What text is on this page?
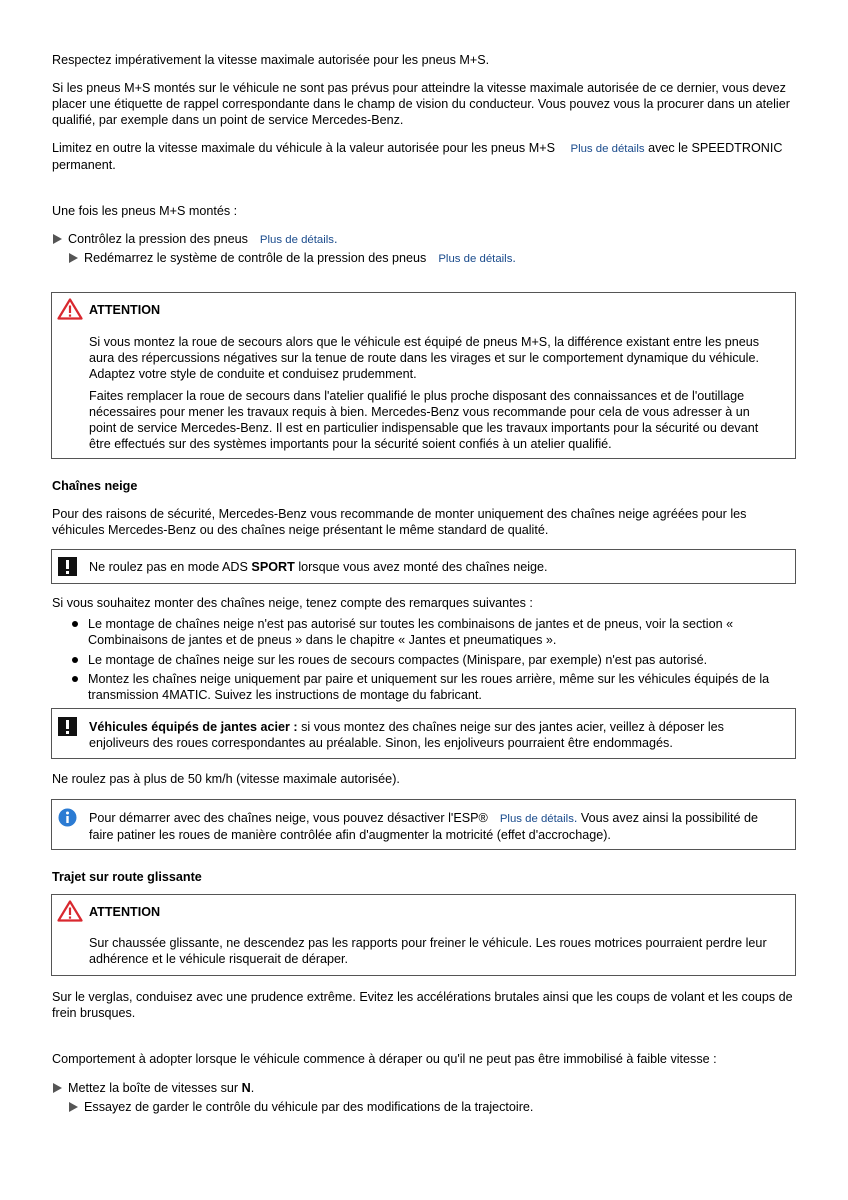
Respectez impérativement la vitesse maximale autorisée pour les pneus M+S.

Si les pneus M+S montés sur le véhicule ne sont pas prévus pour atteindre la vitesse maximale autorisée de ce dernier, vous devez placer une étiquette de rappel correspondante dans le champ de vision du conducteur. Vous pouvez vous la procurer dans un atelier qualifié, par exemple dans un point de service Mercedes-Benz.

Limitez en outre la vitesse maximale du véhicule à la valeur autorisée pour les pneus M+S Plus de détails avec le SPEEDTRONIC permanent.

Une fois les pneus M+S montés :

Contrôlez la pression des pneus Plus de détails.
Redémarrez le système de contrôle de la pression des pneus Plus de détails.
ATTENTION

Si vous montez la roue de secours alors que le véhicule est équipé de pneus M+S, la différence existant entre les pneus aura des répercussions négatives sur la tenue de route dans les virages et sur le comportement dynamique du véhicule. Adaptez votre style de conduite et conduisez prudemment.

Faites remplacer la roue de secours dans l'atelier qualifié le plus proche disposant des connaissances et de l'outillage nécessaires pour mener les travaux requis à bien. Mercedes-Benz vous recommande pour cela de vous adresser à un point de service Mercedes-Benz. Il est en particulier indispensable que les travaux importants pour la sécurité ou devant être effectués sur des systèmes importants pour la sécurité soient confiés à un atelier qualifié.

Chaînes neige

Pour des raisons de sécurité, Mercedes-Benz vous recommande de monter uniquement des chaînes neige agréées pour les véhicules Mercedes-Benz ou des chaînes neige présentant le même standard de qualité.

Ne roulez pas en mode ADS SPORT lorsque vous avez monté des chaînes neige.

Si vous souhaitez monter des chaînes neige, tenez compte des remarques suivantes :

Le montage de chaînes neige n'est pas autorisé sur toutes les combinaisons de jantes et de pneus, voir la section « Combinaisons de jantes et de pneus » dans le chapitre « Jantes et pneumatiques ».

Le montage de chaînes neige sur les roues de secours compactes (Minispare, par exemple) n'est pas autorisé.

Montez les chaînes neige uniquement par paire et uniquement sur les roues arrière, même sur les véhicules équipés de la transmission 4MATIC. Suivez les instructions de montage du fabricant.

Véhicules équipés de jantes acier : si vous montez des chaînes neige sur des jantes acier, veillez à déposer les enjoliveurs des roues correspondantes au préalable. Sinon, les enjoliveurs pourraient être endommagés.

Ne roulez pas à plus de 50 km/h (vitesse maximale autorisée).

Pour démarrer avec des chaînes neige, vous pouvez désactiver l'ESP® Plus de détails. Vous avez ainsi la possibilité de faire patiner les roues de manière contrôlée afin d'augmenter la motricité (effet d'accrochage).

Trajet sur route glissante
ATTENTION

Sur chaussée glissante, ne descendez pas les rapports pour freiner le véhicule. Les roues motrices pourraient perdre leur adhérence et le véhicule risquerait de déraper.

Sur le verglas, conduisez avec une prudence extrême. Evitez les accélérations brutales ainsi que les coups de volant et les coups de frein brusques.

Comportement à adopter lorsque le véhicule commence à déraper ou qu'il ne peut pas être immobilisé à faible vitesse :

Mettez la boîte de vitesses sur N.
Essayez de garder le contrôle du véhicule par des modifications de la trajectoire.
